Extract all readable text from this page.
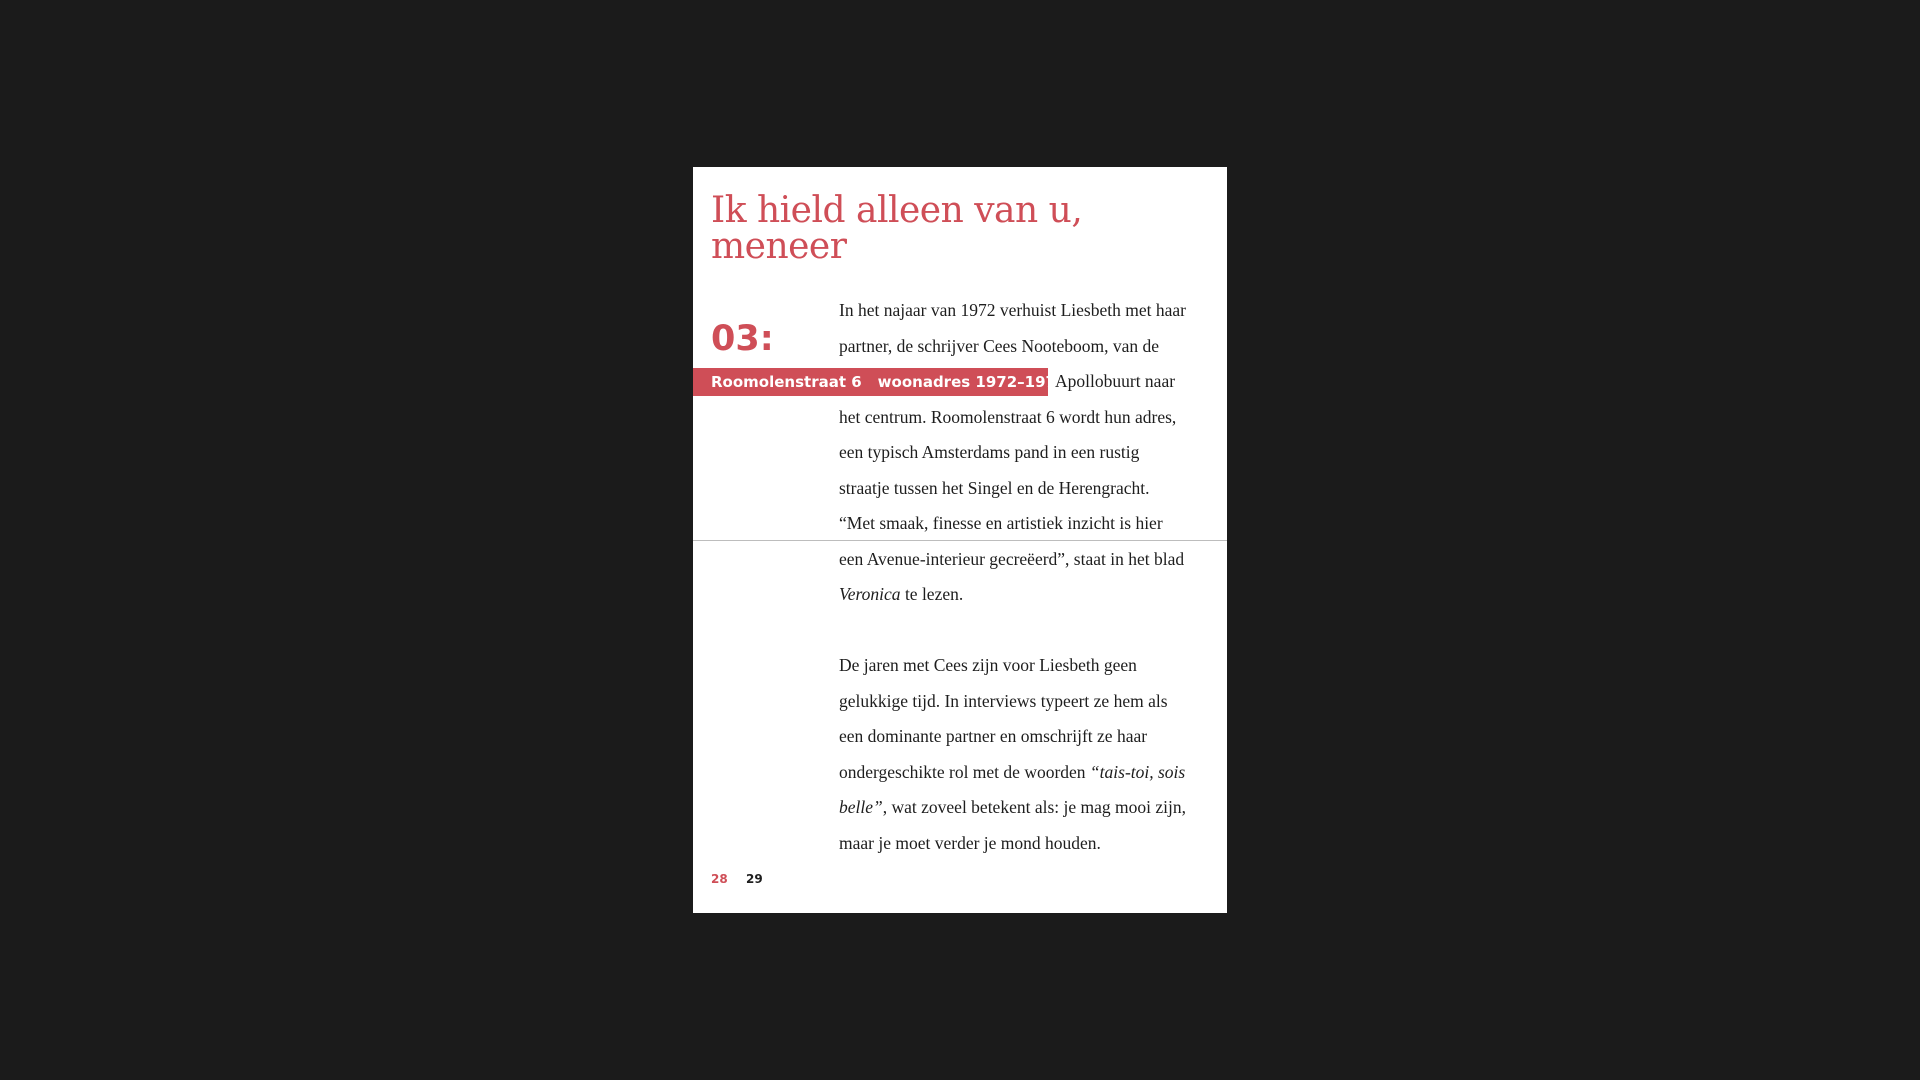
Ik hield alleen van u,
meneer
03:
Roomolenstraat 6 woonadres 1972–1979
In het najaar van 1972 verhuist Liesbeth met haar
partner, de schrijver Cees Nooteboom, van de
Apollobuurt naar
het centrum. Roomolenstraat 6 wordt hun adres,
een typisch Amsterdams pand in een rustig
straatje tussen het Singel en de Herengracht.
“Met smaak, finesse en artistiek inzicht is hier
een Avenue-interieur gecreëerd”, staat in het blad
Veronica te lezen.
De jaren met Cees zijn voor Liesbeth geen
gelukkige tijd. In interviews typeert ze hem als
een dominante partner en omschrijft ze haar
ondergeschikte rol met de woorden “tais-toi, sois
belle”, wat zoveel betekent als: je mag mooi zijn,
maar je moet verder je mond houden.
28 29
